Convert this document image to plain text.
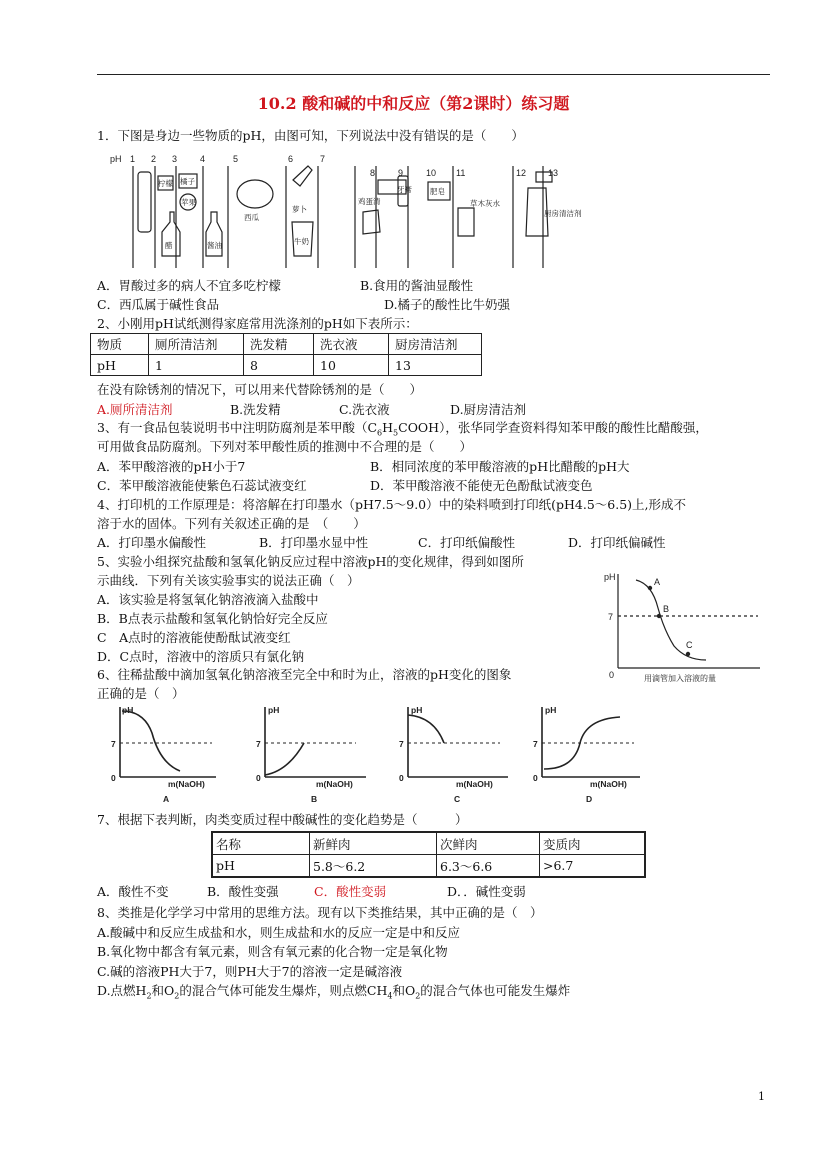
10.2 酸和碱的中和反应（第2课时）练习题
1．下图是身边一些物质的pH，由图可知，下列说法中没有错误的是（　　）
pH 1 2 3	4	5	6	7
8	9	10 11	12 13
柠檬 橘子
苹果
醋	酱油
西瓜
萝卜
牛奶
鸡蛋清
牙膏 肥皂
草木灰水
厨房清洁剂
A．胃酸过多的病人不宜多吃柠檬	B.食用的酱油显酸性
C．西瓜属于碱性食品	D.橘子的酸性比牛奶强
2、小刚用pH试纸测得家庭常用洗涤剂的pH如下表所示：
物质	厕所清洁剂	洗发精	洗衣液	厨房清洁剂
pH	1	8	10	13
在没有除锈剂的情况下，可以用来代替除锈剂的是（　　）
A.厕所清洁剂	B.洗发精	C.洗衣液	D.厨房清洁剂
3、有一食品包装说明书中注明防腐剂是苯甲酸$(C_6H_5COOH)$，张华同学查资料得知苯甲酸的酸性比醋酸强，
可用做食品防腐剂。下列对苯甲酸性质的推测中不合理的是（　　）
A．苯甲酸溶液的pH小于7	B．相同浓度的苯甲酸溶液的pH比醋酸的pH大
C．苯甲酸溶液能使紫色石蕊试液变红	D．苯甲酸溶液不能使无色酚酞试液变色
4、打印机的工作原理是：将溶解在打印墨水（pH7.5～9.0）中的染料喷到打印纸(pH4.5～6.5)上,形成不
溶于水的固体。下列有关叙述正确的是　（　　）
A．打印墨水偏酸性	B．打印墨水显中性	C．打印纸偏酸性	D．打印纸偏碱性
5、实验小组探究盐酸和氢氧化钠反应过程中溶液pH的变化规律，得到如图所
示曲线．下列有关该实验事实的说法正确（　）
A．该实验是将氢氧化钠溶液滴入盐酸中
B．B点表示盐酸和氢氧化钠恰好完全反应
C　A点时的溶液能使酚酞试液变红
D．C点时，溶液中的溶质只有氯化钠
pH
7
0
A
B
C
用滴管加入溶液的量
6、往稀盐酸中滴加氢氧化钠溶液至完全中和时为止，溶液的pH变化的图象
正确的是（　）
pH
7
0
m(NaOH)
A
pH
7
0
m(NaOH)
B
pH
7
0
m(NaOH)
C
pH
7
0
m(NaOH)
D
7、根据下表判断，肉类变质过程中酸碱性的变化趋势是（　　　）
名称	新鲜肉	次鲜肉	变质肉
pH	5.8～6.2	6.3～6.6	>6.7
A．酸性不变	B．酸性变强	C．酸性变弱	D．．碱性变弱
8、类推是化学学习中常用的思维方法。现有以下类推结果，其中正确的是（　）
A.酸碱中和反应生成盐和水，则生成盐和水的反应一定是中和反应
B.氧化物中都含有氧元素，则含有氧元素的化合物一定是氧化物
C.碱的溶液PH大于7，则PH大于7的溶液一定是碱溶液
D.点燃$H_2$和$O_2$的混合气体可能发生爆炸，则点燃$CH_4$和$O_2$的混合气体也可能发生爆炸
1
